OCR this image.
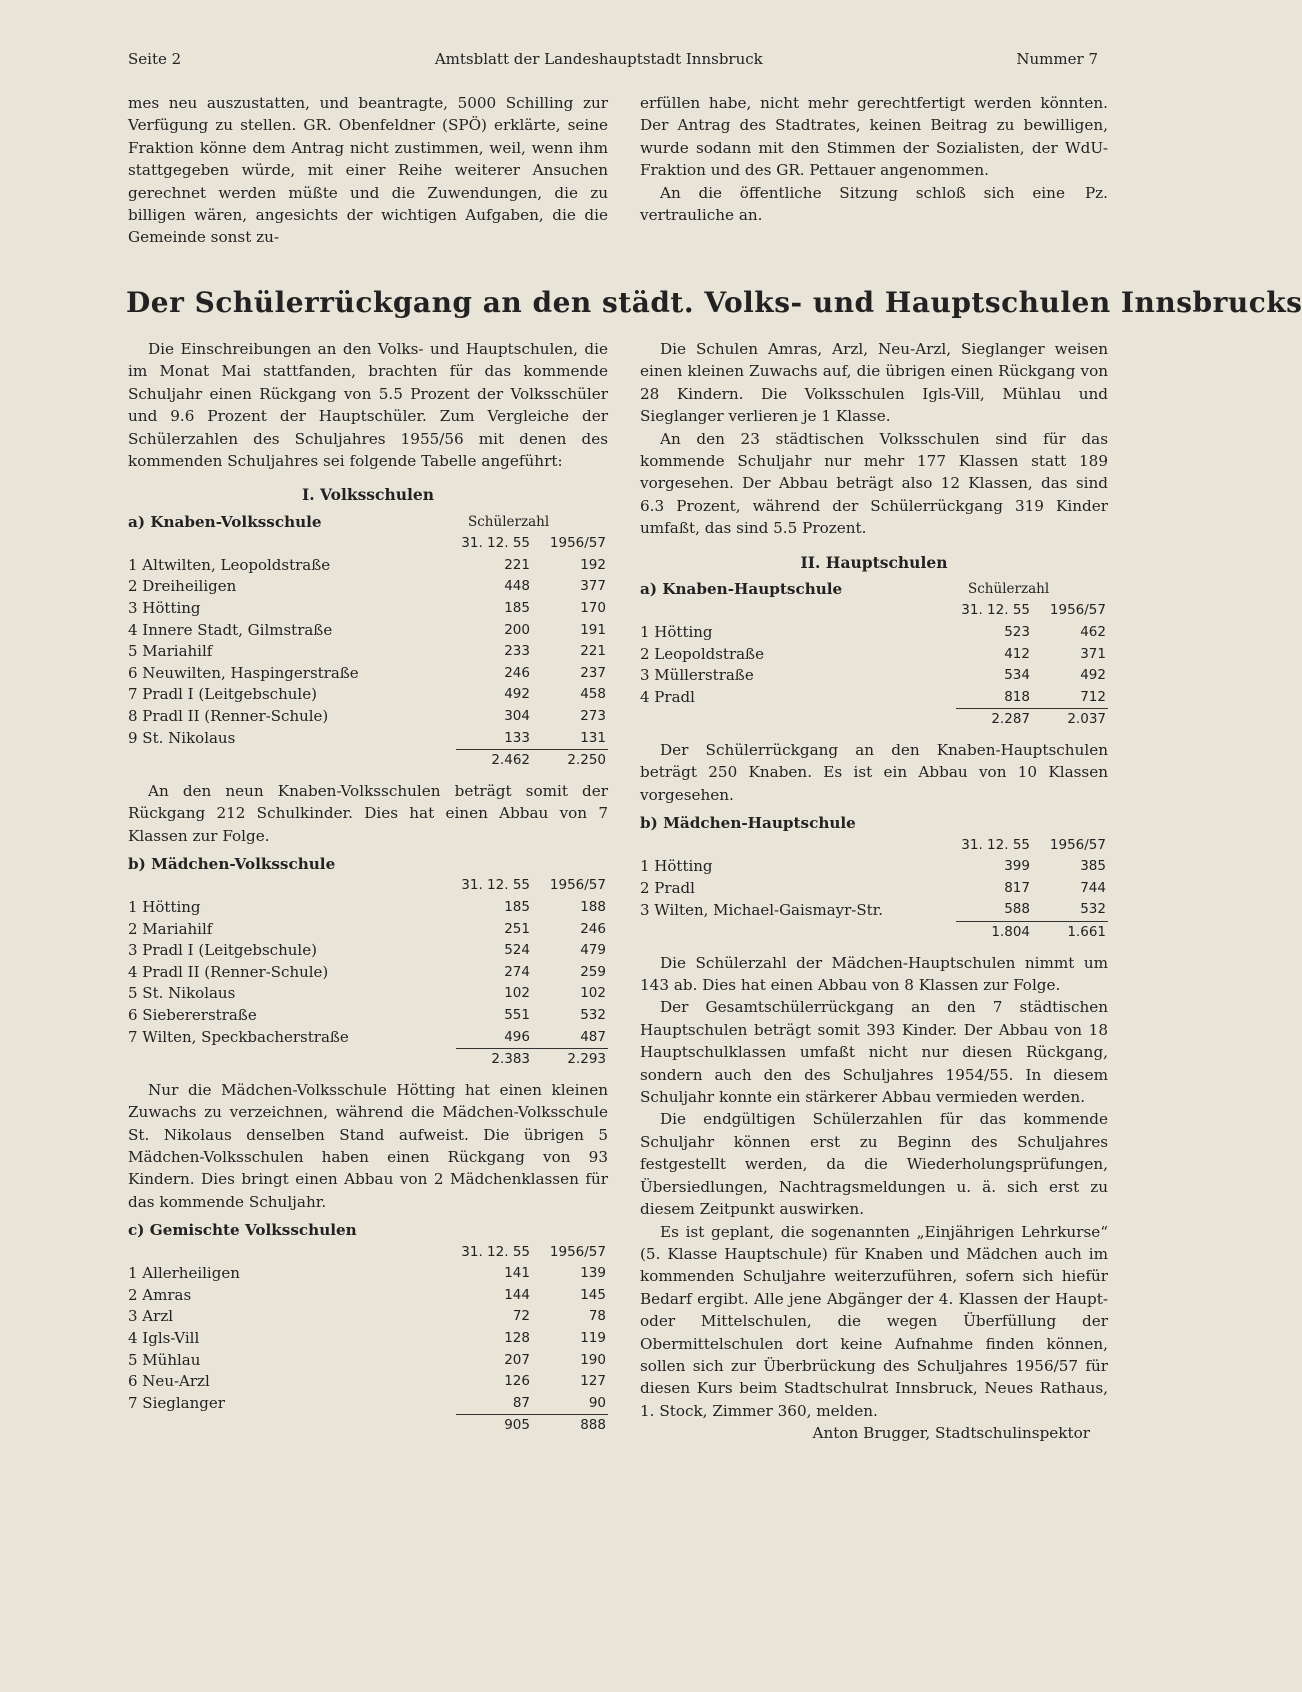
Seite 2	Amtsblatt der Landeshauptstadt Innsbruck	Nummer 7

mes neu auszustatten, und beantragte, 5000 Schilling zur Verfügung zu stellen. GR. Obenfeldner (SPÖ) erklärte, seine Fraktion könne dem Antrag nicht zustimmen, weil, wenn ihm stattgegeben würde, mit einer Reihe weiterer Ansuchen gerechnet werden müßte und die Zuwendungen, die zu billigen wären, angesichts der wichtigen Aufgaben, die die Gemeinde sonst zu-

erfüllen habe, nicht mehr gerechtfertigt werden könnten. Der Antrag des Stadtrates, keinen Beitrag zu bewilligen, wurde sodann mit den Stimmen der Sozialisten, der WdU-Fraktion und des GR. Pettauer angenommen.

An die öffentliche Sitzung schloß sich eine vertrauliche an.
Pz.

Der Schülerrückgang an den städt. Volks- und Hauptschulen Innsbrucks

Die Einschreibungen an den Volks- und Hauptschulen, die im Monat Mai stattfanden, brachten für das kommende Schuljahr einen Rückgang von 5.5 Prozent der Volksschüler und 9.6 Prozent der Hauptschüler. Zum Vergleiche der Schülerzahlen des Schuljahres 1955/56 mit denen des kommenden Schuljahres sei folgende Tabelle angeführt:

I. Volksschulen
a) Knaben-Volksschule	Schülerzahl
	31. 12. 55	1956/57
1 Altwilten, Leopoldstraße	221	192
2 Dreiheiligen	448	377
3 Hötting	185	170
4 Innere Stadt, Gilmstraße	200	191
5 Mariahilf	233	221
6 Neuwilten, Haspingerstraße	246	237
7 Pradl I (Leitgebschule)	492	458
8 Pradl II (Renner-Schule)	304	273
9 St. Nikolaus	133	131
	2.462	2.250

An den neun Knaben-Volksschulen beträgt somit der Rückgang 212 Schulkinder. Dies hat einen Abbau von 7 Klassen zur Folge.

b) Mädchen-Volksschule
	31. 12. 55	1956/57
1 Hötting	185	188
2 Mariahilf	251	246
3 Pradl I (Leitgebschule)	524	479
4 Pradl II (Renner-Schule)	274	259
5 St. Nikolaus	102	102
6 Siebererstraße	551	532
7 Wilten, Speckbacherstraße	496	487
	2.383	2.293

Nur die Mädchen-Volksschule Hötting hat einen kleinen Zuwachs zu verzeichnen, während die Mädchen-Volksschule St. Nikolaus denselben Stand aufweist. Die übrigen 5 Mädchen-Volksschulen haben einen Rückgang von 93 Kindern. Dies bringt einen Abbau von 2 Mädchenklassen für das kommende Schuljahr.

c) Gemischte Volksschulen
	31. 12. 55	1956/57
1 Allerheiligen	141	139
2 Amras	144	145
3 Arzl	72	78
4 Igls-Vill	128	119
5 Mühlau	207	190
6 Neu-Arzl	126	127
7 Sieglanger	87	90
	905	888

Die Schulen Amras, Arzl, Neu-Arzl, Sieglanger weisen einen kleinen Zuwachs auf, die übrigen einen Rückgang von 28 Kindern. Die Volksschulen Igls-Vill, Mühlau und Sieglanger verlieren je 1 Klasse.

An den 23 städtischen Volksschulen sind für das kommende Schuljahr nur mehr 177 Klassen statt 189 vorgesehen. Der Abbau beträgt also 12 Klassen, das sind 6.3 Prozent, während der Schülerrückgang 319 Kinder umfaßt, das sind 5.5 Prozent.

II. Hauptschulen
a) Knaben-Hauptschule	Schülerzahl
	31. 12. 55	1956/57
1 Hötting	523	462
2 Leopoldstraße	412	371
3 Müllerstraße	534	492
4 Pradl	818	712
	2.287	2.037

Der Schülerrückgang an den Knaben-Hauptschulen beträgt 250 Knaben. Es ist ein Abbau von 10 Klassen vorgesehen.

b) Mädchen-Hauptschule
	31. 12. 55	1956/57
1 Hötting	399	385
2 Pradl	817	744
3 Wilten, Michael-Gaismayr-Str.	588	532
	1.804	1.661

Die Schülerzahl der Mädchen-Hauptschulen nimmt um 143 ab. Dies hat einen Abbau von 8 Klassen zur Folge.

Der Gesamtschülerrückgang an den 7 städtischen Hauptschulen beträgt somit 393 Kinder. Der Abbau von 18 Hauptschulklassen umfaßt nicht nur diesen Rückgang, sondern auch den des Schuljahres 1954/55. In diesem Schuljahr konnte ein stärkerer Abbau vermieden werden.

Die endgültigen Schülerzahlen für das kommende Schuljahr können erst zu Beginn des Schuljahres festgestellt werden, da die Wiederholungsprüfungen, Übersiedlungen, Nachtragsmeldungen u. ä. sich erst zu diesem Zeitpunkt auswirken.

Es ist geplant, die sogenannten „Einjährigen Lehrkurse“ (5. Klasse Hauptschule) für Knaben und Mädchen auch im kommenden Schuljahre weiterzuführen, sofern sich hiefür Bedarf ergibt. Alle jene Abgänger der 4. Klassen der Haupt- oder Mittelschulen, die wegen Überfüllung der Obermittelschulen dort keine Aufnahme finden können, sollen sich zur Überbrückung des Schuljahres 1956/57 für diesen Kurs beim Stadtschulrat Innsbruck, Neues Rathaus, 1. Stock, Zimmer 360, melden.

Anton Brugger, Stadtschulinspektor
